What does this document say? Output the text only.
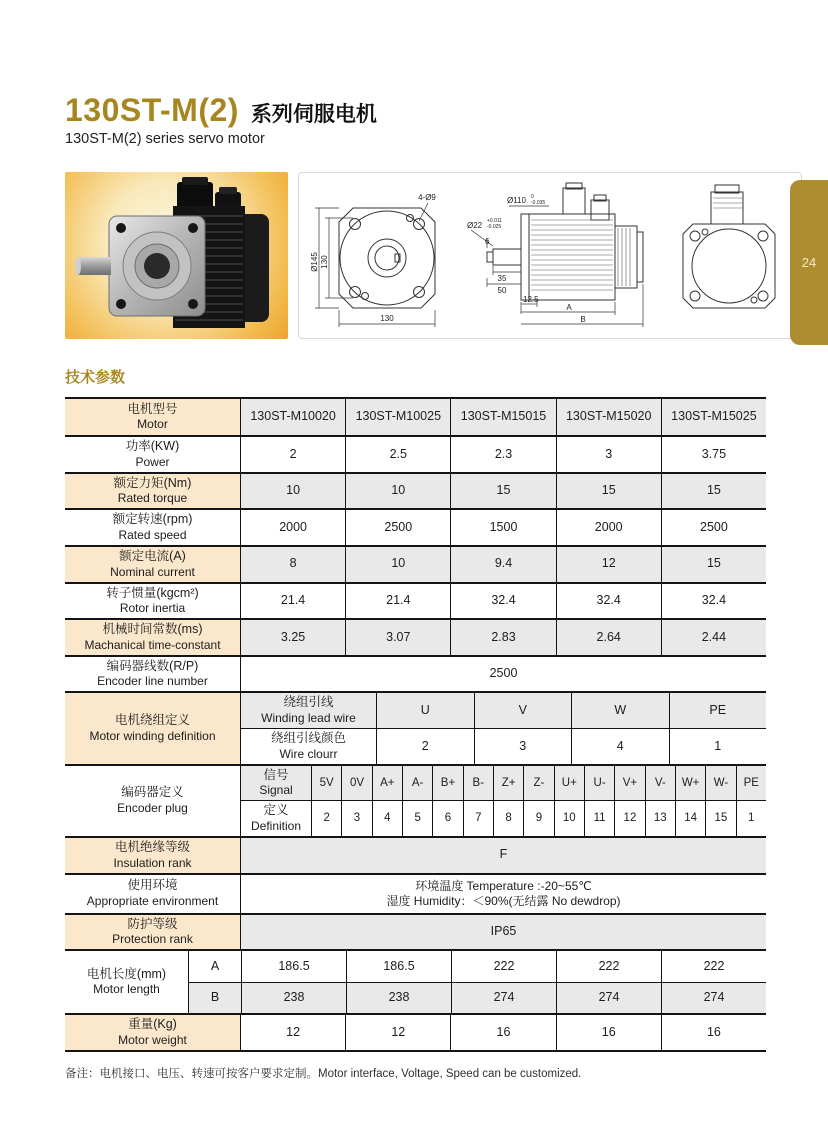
130ST-M(2) 系列伺服电机
130ST-M(2) series servo motor
Ø145 130
130
4-Ø9	Ø110 0
-0.035
Ø22 +0.011
-0.025
6
35
50
12.5
A
B
技术参数
电机型号
Motor
130ST-M10020	130ST-M10025	130ST-M15015	130ST-M15020	130ST-M15025
功率(KW)
Power
2	2.5	2.3	3	3.75
额定力矩(Nm)
Rated torque
10	10	15	15	15
额定转速(rpm)
Rated speed
2000	2500	1500	2000	2500
额定电流(A)
Nominal current
8	10	9.4	12	15
转子惯量(kgcm²)
Rotor inertia
21.4	21.4	32.4	32.4	32.4
机械时间常数(ms)
Machanical time-constant
3.25	3.07	2.83	2.64	2.44
编码器线数(R/P)
Encoder line number
2500
电机绕组定义
Motor winding definition
绕组引线
Winding lead wire
U	V	W	PE
绕组引线颜色
Wire clourr
2	3	4	1
编码器定义
Encoder plug
信号
Signal
5V	0V	A+	A-	B+	B-	Z+	Z-	U+	U-	V+	V-	W+	W-	PE
定义
Definition
2	3	4	5	6	7	8	9	10	11	12	13	14	15	1
电机绝缘等级
Insulation rank
F
使用环境
Appropriate environment
环境温度 Temperature :-20~55℃
湿度 Humidity：＜90%(无结露 No dewdrop)
防护等级
Protection rank
IP65
电机长度(mm)
Motor length
A	186.5	186.5	222	222	222
B	238	238	274	274	274
重量(Kg)
Motor weight
12	12	16	16	16
备注：电机接口、电压、转速可按客户要求定制。Motor interface, Voltage, Speed can be customized.
24
